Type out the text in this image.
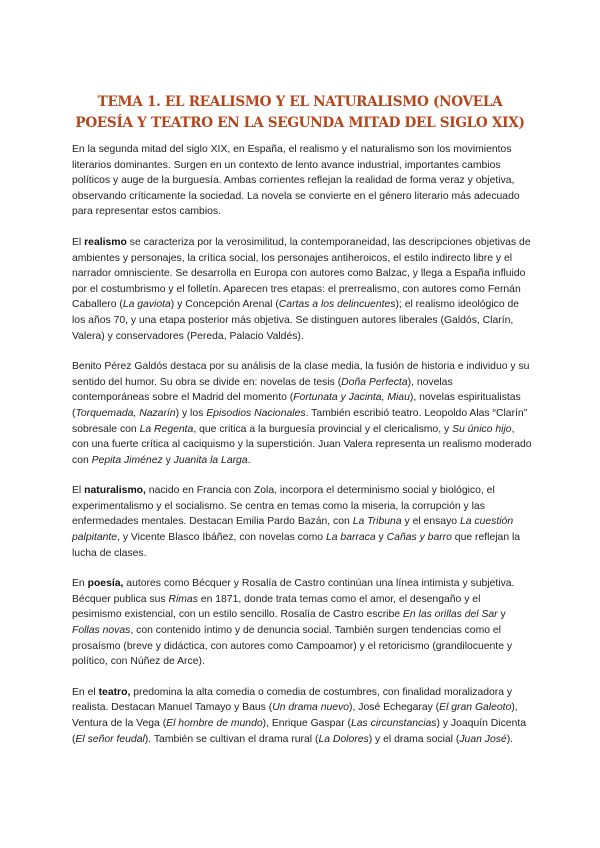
TEMA 1. EL REALISMO Y EL NATURALISMO (NOVELA POESÍA Y TEATRO EN LA SEGUNDA MITAD DEL SIGLO XIX)

En la segunda mitad del siglo XIX, en España, el realismo y el naturalismo son los movimientos literarios dominantes. Surgen en un contexto de lento avance industrial, importantes cambios políticos y auge de la burguesía. Ambas corrientes reflejan la realidad de forma veraz y objetiva, observando críticamente la sociedad. La novela se convierte en el género literario más adecuado para representar estos cambios.

El realismo se caracteriza por la verosimilitud, la contemporaneidad, las descripciones objetivas de ambientes y personajes, la crítica social, los personajes antiheroicos, el estilo indirecto libre y el narrador omnisciente. Se desarrolla en Europa con autores como Balzac, y llega a España influido por el costumbrismo y el folletín. Aparecen tres etapas: el prerrealismo, con autores como Fernán Caballero (La gaviota) y Concepción Arenal (Cartas a los delincuentes); el realismo ideológico de los años 70, y una etapa posterior más objetiva. Se distinguen autores liberales (Galdós, Clarín, Valera) y conservadores (Pereda, Palacio Valdés).

Benito Pérez Galdós destaca por su análisis de la clase media, la fusión de historia e individuo y su sentido del humor. Su obra se divide en: novelas de tesis (Doña Perfecta), novelas contemporáneas sobre el Madrid del momento (Fortunata y Jacinta, Miau), novelas espiritualistas (Torquemada, Nazarín) y los Episodios Nacionales. También escribió teatro. Leopoldo Alas “Clarín” sobresale con La Regenta, que critica a la burguesía provincial y el clericalismo, y Su único hijo, con una fuerte crítica al caciquismo y la superstición. Juan Valera representa un realismo moderado con Pepita Jiménez y Juanita la Larga.

El naturalismo, nacido en Francia con Zola, incorpora el determinismo social y biológico, el experimentalismo y el socialismo. Se centra en temas como la miseria, la corrupción y las enfermedades mentales. Destacan Emilia Pardo Bazán, con La Tribuna y el ensayo La cuestión palpitante, y Vicente Blasco Ibáñez, con novelas como La barraca y Cañas y barro que reflejan la lucha de clases.

En poesía, autores como Bécquer y Rosalía de Castro continúan una línea intimista y subjetiva. Bécquer publica sus Rimas en 1871, donde trata temas como el amor, el desengaño y el pesimismo existencial, con un estilo sencillo. Rosalía de Castro escribe En las orillas del Sar y Follas novas, con contenido íntimo y de denuncia social. También surgen tendencias como el prosaísmo (breve y didáctica, con autores como Campoamor) y el retoricismo (grandilocuente y político, con Núñez de Arce).

En el teatro, predomina la alta comedia o comedia de costumbres, con finalidad moralizadora y realista. Destacan Manuel Tamayo y Baus (Un drama nuevo), José Echegaray (El gran Galeoto), Ventura de la Vega (El hombre de mundo), Enrique Gaspar (Las circunstancias) y Joaquín Dicenta (El señor feudal). También se cultivan el drama rural (La Dolores) y el drama social (Juan José).
